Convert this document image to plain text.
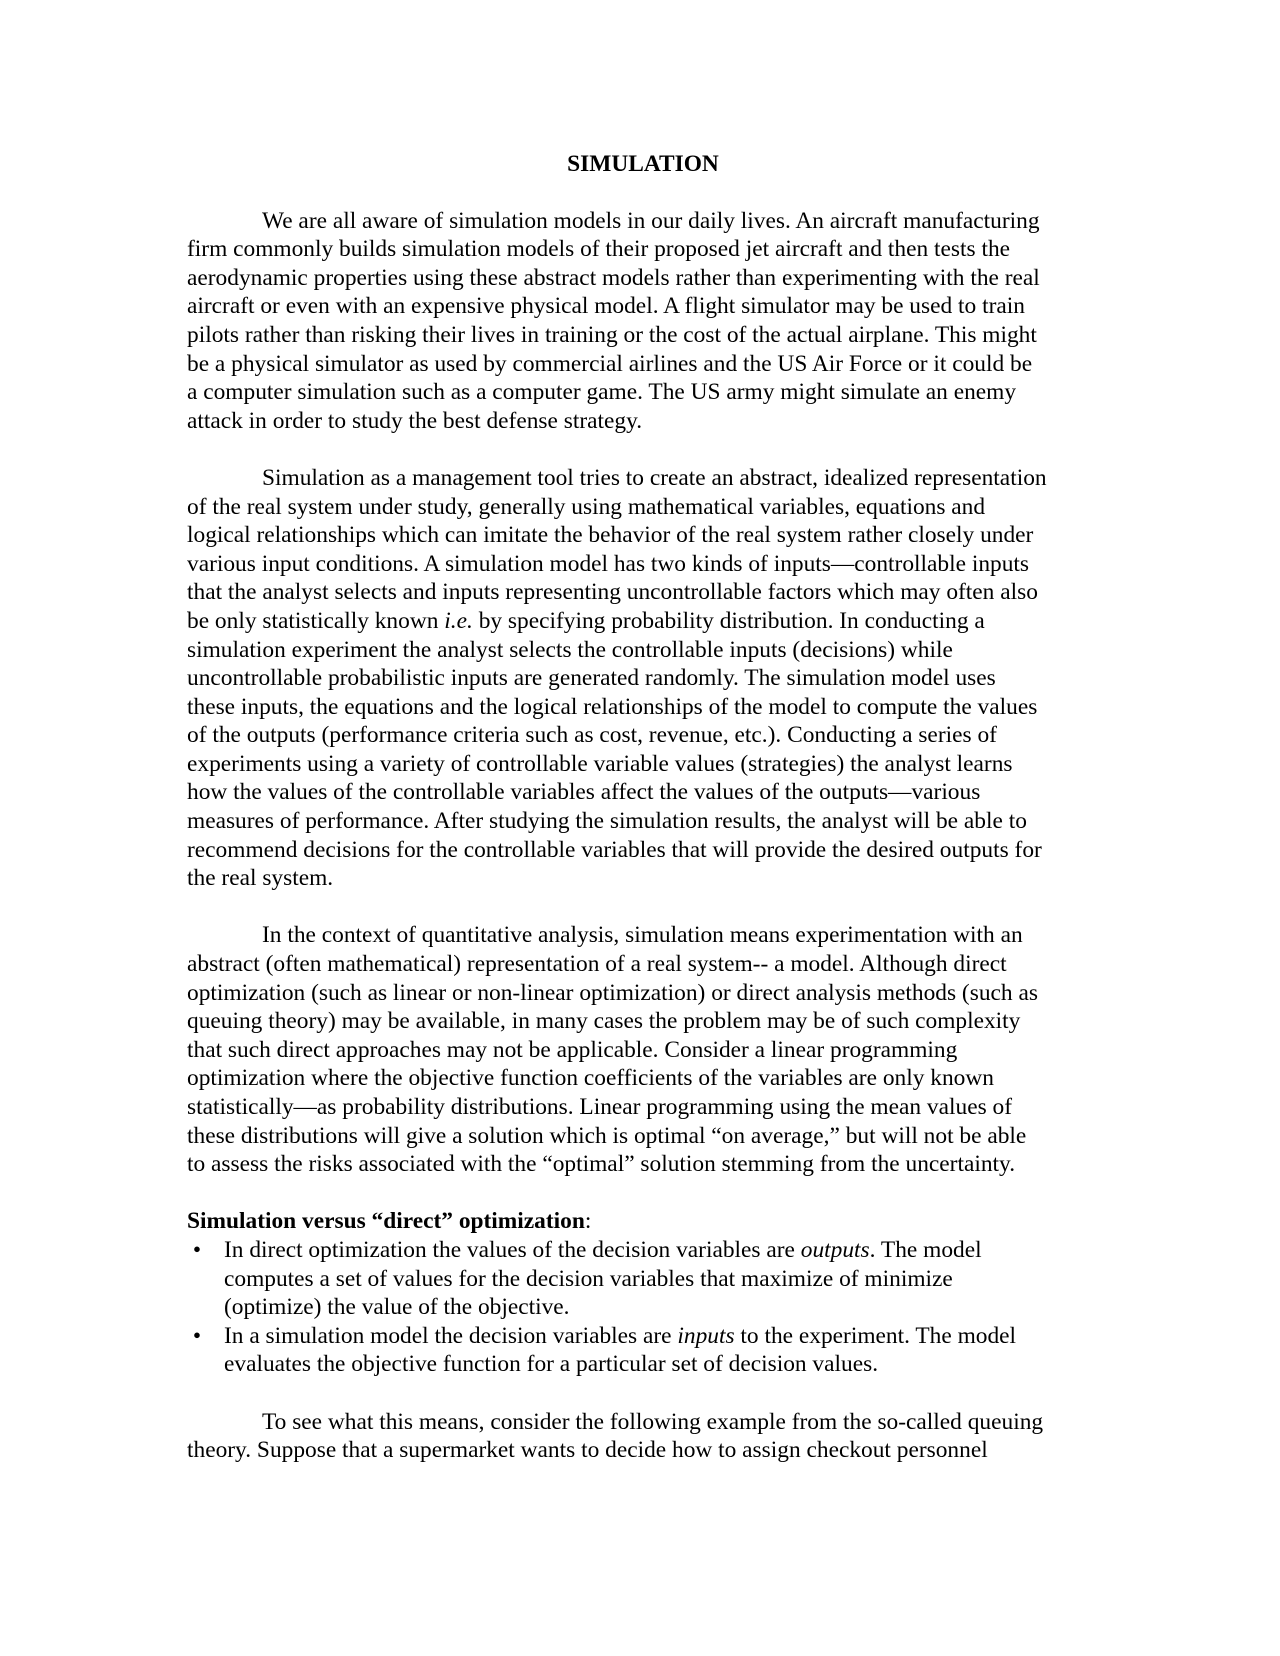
SIMULATION
We are all aware of simulation models in our daily lives. An aircraft manufacturing
firm commonly builds simulation models of their proposed jet aircraft and then tests the
aerodynamic properties using these abstract models rather than experimenting with the real
aircraft or even with an expensive physical model. A flight simulator may be used to train
pilots rather than risking their lives in training or the cost of the actual airplane. This might
be a physical simulator as used by commercial airlines and the US Air Force or it could be
a computer simulation such as a computer game. The US army might simulate an enemy
attack in order to study the best defense strategy.
Simulation as a management tool tries to create an abstract, idealized representation
of the real system under study, generally using mathematical variables, equations and
logical relationships which can imitate the behavior of the real system rather closely under
various input conditions. A simulation model has two kinds of inputs—controllable inputs
that the analyst selects and inputs representing uncontrollable factors which may often also
be only statistically known i.e. by specifying probability distribution. In conducting a
simulation experiment the analyst selects the controllable inputs (decisions) while
uncontrollable probabilistic inputs are generated randomly. The simulation model uses
these inputs, the equations and the logical relationships of the model to compute the values
of the outputs (performance criteria such as cost, revenue, etc.). Conducting a series of
experiments using a variety of controllable variable values (strategies) the analyst learns
how the values of the controllable variables affect the values of the outputs—various
measures of performance. After studying the simulation results, the analyst will be able to
recommend decisions for the controllable variables that will provide the desired outputs for
the real system.
In the context of quantitative analysis, simulation means experimentation with an
abstract (often mathematical) representation of a real system-- a model. Although direct
optimization (such as linear or non-linear optimization) or direct analysis methods (such as
queuing theory) may be available, in many cases the problem may be of such complexity
that such direct approaches may not be applicable. Consider a linear programming
optimization where the objective function coefficients of the variables are only known
statistically—as probability distributions. Linear programming using the mean values of
these distributions will give a solution which is optimal “on average,” but will not be able
to assess the risks associated with the “optimal” solution stemming from the uncertainty.
Simulation versus “direct” optimization:
• In direct optimization the values of the decision variables are outputs. The model
computes a set of values for the decision variables that maximize of minimize
(optimize) the value of the objective.
• In a simulation model the decision variables are inputs to the experiment. The model
evaluates the objective function for a particular set of decision values.
To see what this means, consider the following example from the so-called queuing
theory. Suppose that a supermarket wants to decide how to assign checkout personnel
